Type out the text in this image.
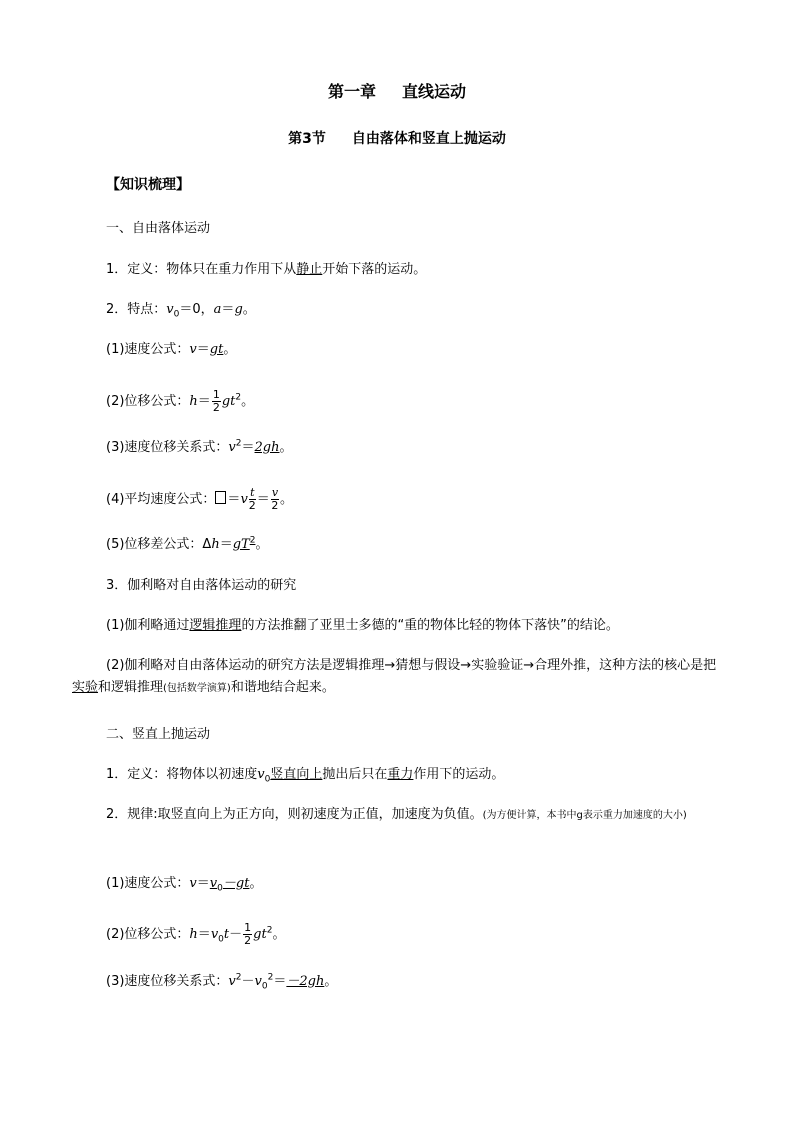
第一章 直线运动
第3节 自由落体和竖直上抛运动
【知识梳理】
一、自由落体运动
1．定义：物体只在重力作用下从静止开始下落的运动。
2．特点：$v_0=0$，a＝g。
(1)速度公式：v＝gt。
(2)位移公式：$h= \frac{1}{2} gt^2$。
(3)速度位移关系式：$v^2=2gh$。
(4)平均速度公式： $=v \frac{t}{2} = \frac{v}{2}$ 。
(5)位移差公式：$\Delta h=gT^2$。
3．伽利略对自由落体运动的研究
(1)伽利略通过逻辑推理的方法推翻了亚里士多德的“重的物体比轻的物体下落快”的结论。
(2)伽利略对自由落体运动的研究方法是逻辑推理→猜想与假设→实验验证→合理外推，这种方法的核心是把实验和逻辑推理(包括数学演算)和谐地结合起来。
二、竖直上抛运动
1．定义：将物体以初速度$v_0$竖直向上抛出后只在重力作用下的运动。
2．规律:取竖直向上为正方向，则初速度为正值，加速度为负值。(为方便计算，本书中g表示重力加速度的大小)
(1)速度公式：$v=v_0-gt$。
(2)位移公式：$h=v_0t- \frac{1}{2} gt^2$。
(3)速度位移关系式：$v^2-v_0^2=-2gh$。
